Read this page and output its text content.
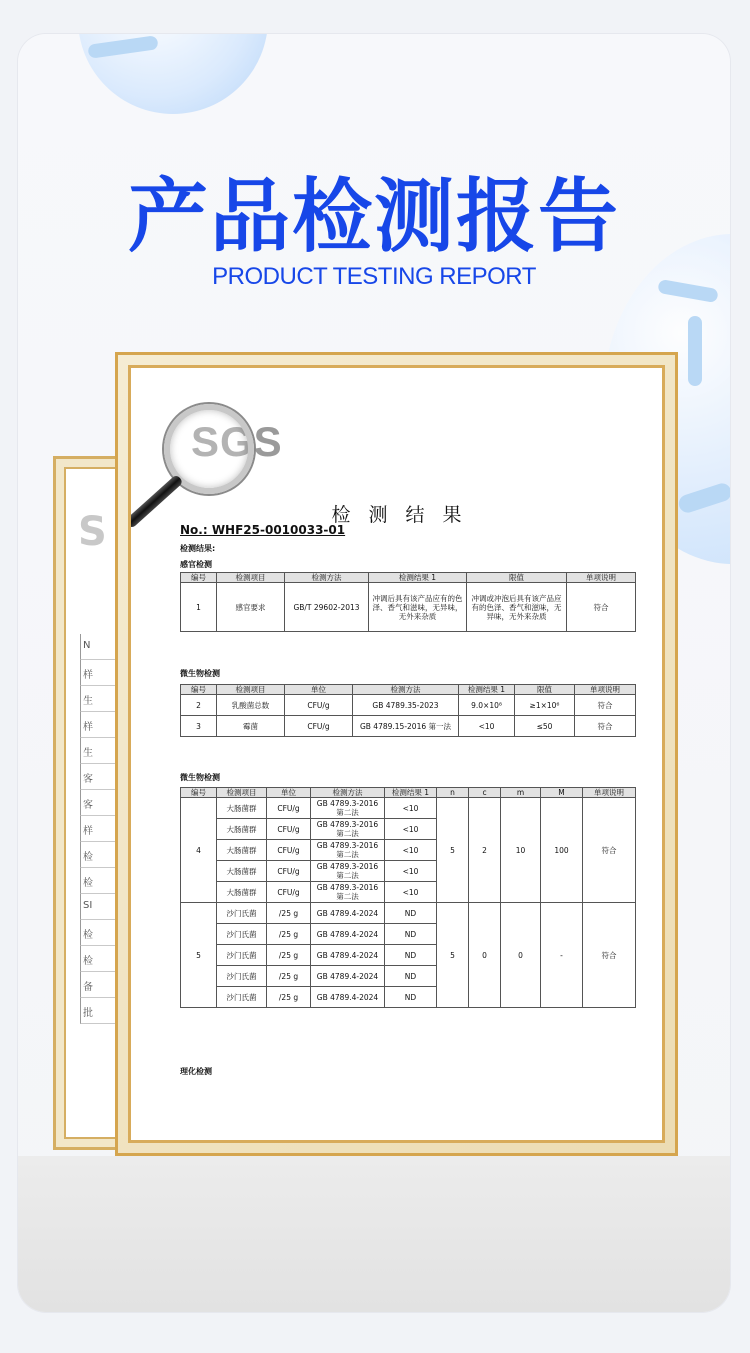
产品检测报告
PRODUCT TESTING REPORT
S
N
样
生
样
生
客
客
样
检
检
SI
检
检
备
批
SGS
检 测 结 果
No.: WHF25-0010033-01
检测结果:
感官检测
编号	检测项目	检测方法	检测结果 1	限值	单项说明
1	感官要求	GB/T 29602-2013	冲调后具有该产品应有的色泽、香气和滋味，无异味，无外来杂质	冲调或冲泡后具有该产品应有的色泽、香气和滋味，无异味，无外来杂质	符合
微生物检测
编号	检测项目	单位	检测方法	检测结果 1	限值	单项说明
2	乳酸菌总数	CFU/g	GB 4789.35-2023	9.0×10⁸	≥1×10⁶	符合
3	霉菌	CFU/g	GB 4789.15-2016 第一法	<10	≤50	符合
微生物检测
编号	检测项目	单位	检测方法	检测结果 1	n	c	m	M	单项说明
4	大肠菌群	CFU/g	GB 4789.3-2016 第二法	<10	5	2	10	100	符合
	大肠菌群	CFU/g	GB 4789.3-2016 第二法	<10					
	大肠菌群	CFU/g	GB 4789.3-2016 第二法	<10					
	大肠菌群	CFU/g	GB 4789.3-2016 第二法	<10					
	大肠菌群	CFU/g	GB 4789.3-2016 第二法	<10					
5	沙门氏菌	/25 g	GB 4789.4-2024	ND	5	0	0	-	符合
	沙门氏菌	/25 g	GB 4789.4-2024	ND					
	沙门氏菌	/25 g	GB 4789.4-2024	ND					
	沙门氏菌	/25 g	GB 4789.4-2024	ND					
	沙门氏菌	/25 g	GB 4789.4-2024	ND					
理化检测
